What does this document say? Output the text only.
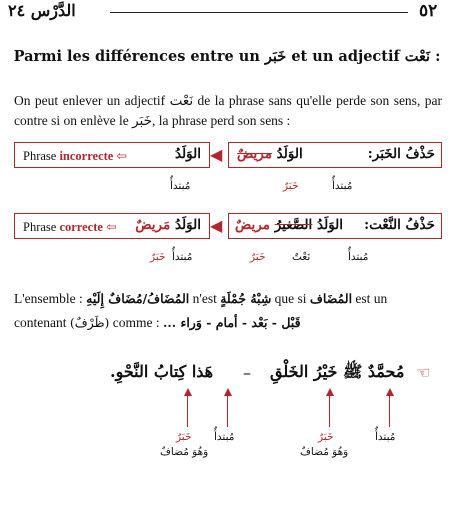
٥٢
الدَّرْس ٢٤
Parmi les différences entre un خَبَر et un adjectif نَعْت :
On peut enlever un adjectif نَعْت de la phrase sans qu'elle perde son sens, par contre si on enlève le خَبَر, la phrase perd son sens :
حَذْفُ الخَبَر:
الوَلَدُ مريضٌ
◀
Phrase incorrecte ⇦	الوَلَدُ
مُبتدأٌ
خَبَرٌ
مُبتدأٌ
حَذْفُ النَّعْت:
الوَلَدُ الصَّغيرُ مريضٌ
◀
Phrase correcte ⇦	الوَلَدُ مَريضٌ
مُبتدأٌ
نَعْتٌ
خَبَرٌ
مُبتدأٌ
خَبَرٌ
L'ensemble : المُضَافُ/مُضَافٌ إِلَيْهِ n'est شِبْهُ جُمْلَةٍ que si المُضَاف est un contenant (ظَرْفٌ) comme : قَبْل - بَعْد - أمام - وَراء ...
☜
مُحمَّدٌ ﷺ خَيْرُ الخَلْقِ
–
هَذا كِتابُ النَّحْوِ.
مُبتدأٌ
خَبَرٌ
وَهُوَ مُضافٌ
مُبتدأٌ
خَبَرٌ
وَهُوَ مُضافٌ
